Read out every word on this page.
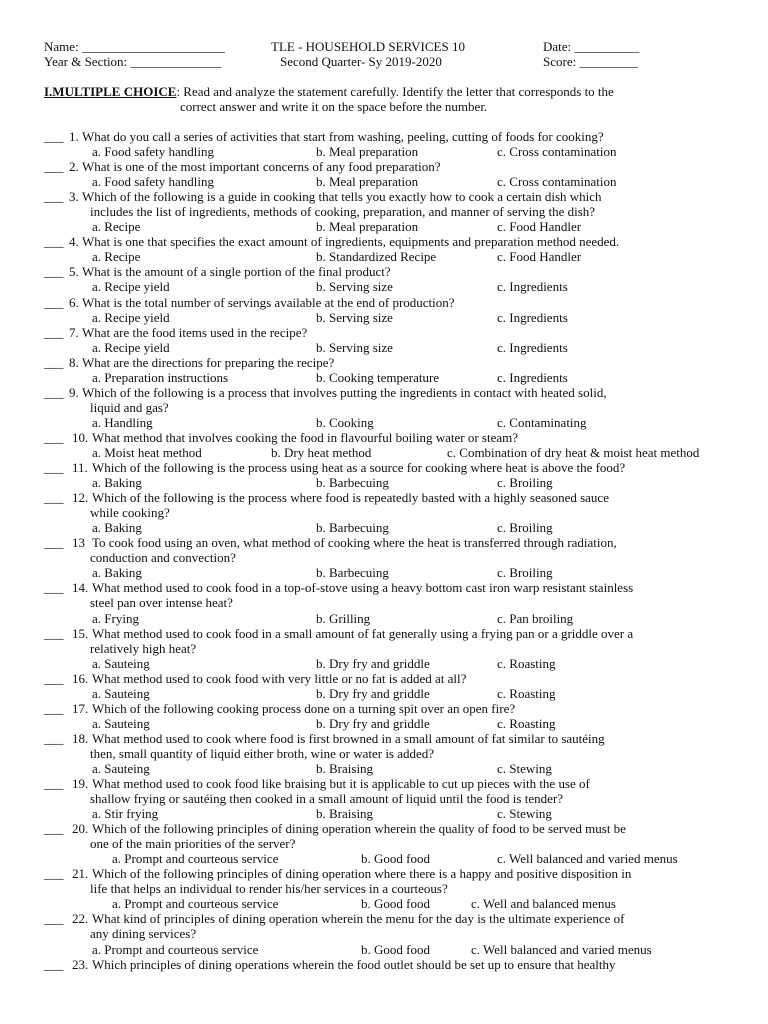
Name: ______________________
Year & Section: ______________
TLE - HOUSEHOLD SERVICES 10
Second Quarter- Sy 2019-2020
Date: __________
Score: _________
I.MULTIPLE CHOICE: Read and analyze the statement carefully. Identify the letter that corresponds to the
correct answer and write it on the space before the number.
___ 1. What do you call a series of activities that start from washing, peeling, cutting of foods for cooking?
a. Food safety handling	b. Meal preparation	c. Cross contamination
___ 2. What is one of the most important concerns of any food preparation?
a. Food safety handling	b. Meal preparation	c. Cross contamination
___ 3. Which of the following is a guide in cooking that tells you exactly how to cook a certain dish which
includes the list of ingredients, methods of cooking, preparation, and manner of serving the dish?
a. Recipe	b. Meal preparation	c. Food Handler
___ 4. What is one that specifies the exact amount of ingredients, equipments and preparation method needed.
a. Recipe	b. Standardized Recipe	c. Food Handler
___ 5. What is the amount of a single portion of the final product?
a. Recipe yield	b. Serving size	c. Ingredients
___ 6. What is the total number of servings available at the end of production?
a. Recipe yield	b. Serving size	c. Ingredients
___ 7. What are the food items used in the recipe?
a. Recipe yield	b. Serving size	c. Ingredients
___ 8. What are the directions for preparing the recipe?
a. Preparation instructions	b. Cooking temperature	c. Ingredients
___ 9. Which of the following is a process that involves putting the ingredients in contact with heated solid,
liquid and gas?
a. Handling	b. Cooking	c. Contaminating
___ 10. What method that involves cooking the food in flavourful boiling water or steam?
a. Moist heat method	b. Dry heat method	c. Combination of dry heat & moist heat method
___ 11. Which of the following is the process using heat as a source for cooking where heat is above the food?
a. Baking	b. Barbecuing	c. Broiling
___ 12. Which of the following is the process where food is repeatedly basted with a highly seasoned sauce
while cooking?
a. Baking	b. Barbecuing	c. Broiling
___ 13 To cook food using an oven, what method of cooking where the heat is transferred through radiation,
conduction and convection?
a. Baking	b. Barbecuing	c. Broiling
___ 14. What method used to cook food in a top-of-stove using a heavy bottom cast iron warp resistant stainless
steel pan over intense heat?
a. Frying	b. Grilling	c. Pan broiling
___ 15. What method used to cook food in a small amount of fat generally using a frying pan or a griddle over a
relatively high heat?
a. Sauteing	b. Dry fry and griddle	c. Roasting
___ 16. What method used to cook food with very little or no fat is added at all?
a. Sauteing	b. Dry fry and griddle	c. Roasting
___ 17. Which of the following cooking process done on a turning spit over an open fire?
a. Sauteing	b. Dry fry and griddle	c. Roasting
___ 18. What method used to cook where food is first browned in a small amount of fat similar to sautéing
then, small quantity of liquid either broth, wine or water is added?
a. Sauteing	b. Braising	c. Stewing
___ 19. What method used to cook food like braising but it is applicable to cut up pieces with the use of
shallow frying or sautéing then cooked in a small amount of liquid until the food is tender?
a. Stir frying	b. Braising	c. Stewing
___ 20. Which of the following principles of dining operation wherein the quality of food to be served must be
one of the main priorities of the server?
a. Prompt and courteous service	b. Good food	c. Well balanced and varied menus
___ 21. Which of the following principles of dining operation where there is a happy and positive disposition in
life that helps an individual to render his/her services in a courteous?
a. Prompt and courteous service	b. Good food	c. Well and balanced menus
___ 22. What kind of principles of dining operation wherein the menu for the day is the ultimate experience of
any dining services?
a. Prompt and courteous service	b. Good food	c. Well balanced and varied menus
___ 23. Which principles of dining operations wherein the food outlet should be set up to ensure that healthy
